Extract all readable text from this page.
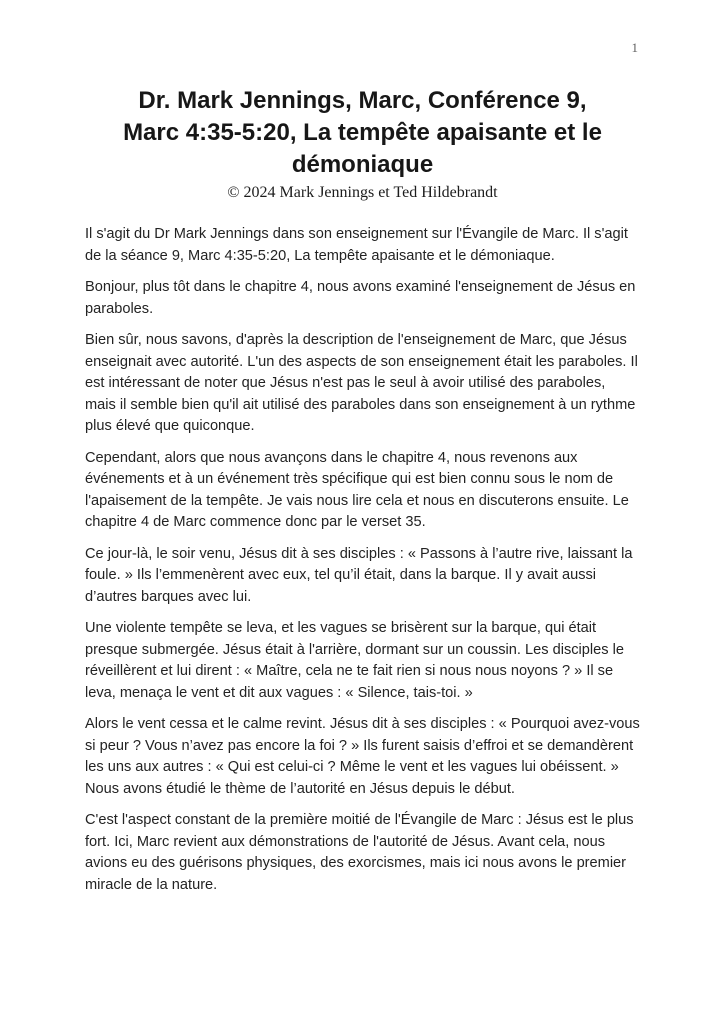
1
Dr. Mark Jennings, Marc, Conférence 9,
Marc 4:35-5:20, La tempête apaisante et le
démoniaque
© 2024 Mark Jennings et Ted Hildebrandt

Il s'agit du Dr Mark Jennings dans son enseignement sur l'Évangile de Marc. Il s'agit de la séance 9, Marc 4:35-5:20, La tempête apaisante et le démoniaque.

Bonjour, plus tôt dans le chapitre 4, nous avons examiné l'enseignement de Jésus en paraboles.

Bien sûr, nous savons, d'après la description de l'enseignement de Marc, que Jésus enseignait avec autorité. L'un des aspects de son enseignement était les paraboles. Il est intéressant de noter que Jésus n'est pas le seul à avoir utilisé des paraboles, mais il semble bien qu'il ait utilisé des paraboles dans son enseignement à un rythme plus élevé que quiconque.

Cependant, alors que nous avançons dans le chapitre 4, nous revenons aux événements et à un événement très spécifique qui est bien connu sous le nom de l'apaisement de la tempête. Je vais nous lire cela et nous en discuterons ensuite. Le chapitre 4 de Marc commence donc par le verset 35.

Ce jour-là, le soir venu, Jésus dit à ses disciples : « Passons à l’autre rive, laissant la foule. » Ils l’emmenèrent avec eux, tel qu’il était, dans la barque. Il y avait aussi d’autres barques avec lui.

Une violente tempête se leva, et les vagues se brisèrent sur la barque, qui était presque submergée. Jésus était à l'arrière, dormant sur un coussin. Les disciples le réveillèrent et lui dirent : « Maître, cela ne te fait rien si nous nous noyons ? » Il se leva, menaça le vent et dit aux vagues : « Silence, tais-toi. »

Alors le vent cessa et le calme revint. Jésus dit à ses disciples : « Pourquoi avez-vous si peur ? Vous n’avez pas encore la foi ? » Ils furent saisis d’effroi et se demandèrent les uns aux autres : « Qui est celui-ci ? Même le vent et les vagues lui obéissent. » Nous avons étudié le thème de l’autorité en Jésus depuis le début.

C'est l'aspect constant de la première moitié de l'Évangile de Marc : Jésus est le plus fort. Ici, Marc revient aux démonstrations de l'autorité de Jésus. Avant cela, nous avions eu des guérisons physiques, des exorcismes, mais ici nous avons le premier miracle de la nature.
